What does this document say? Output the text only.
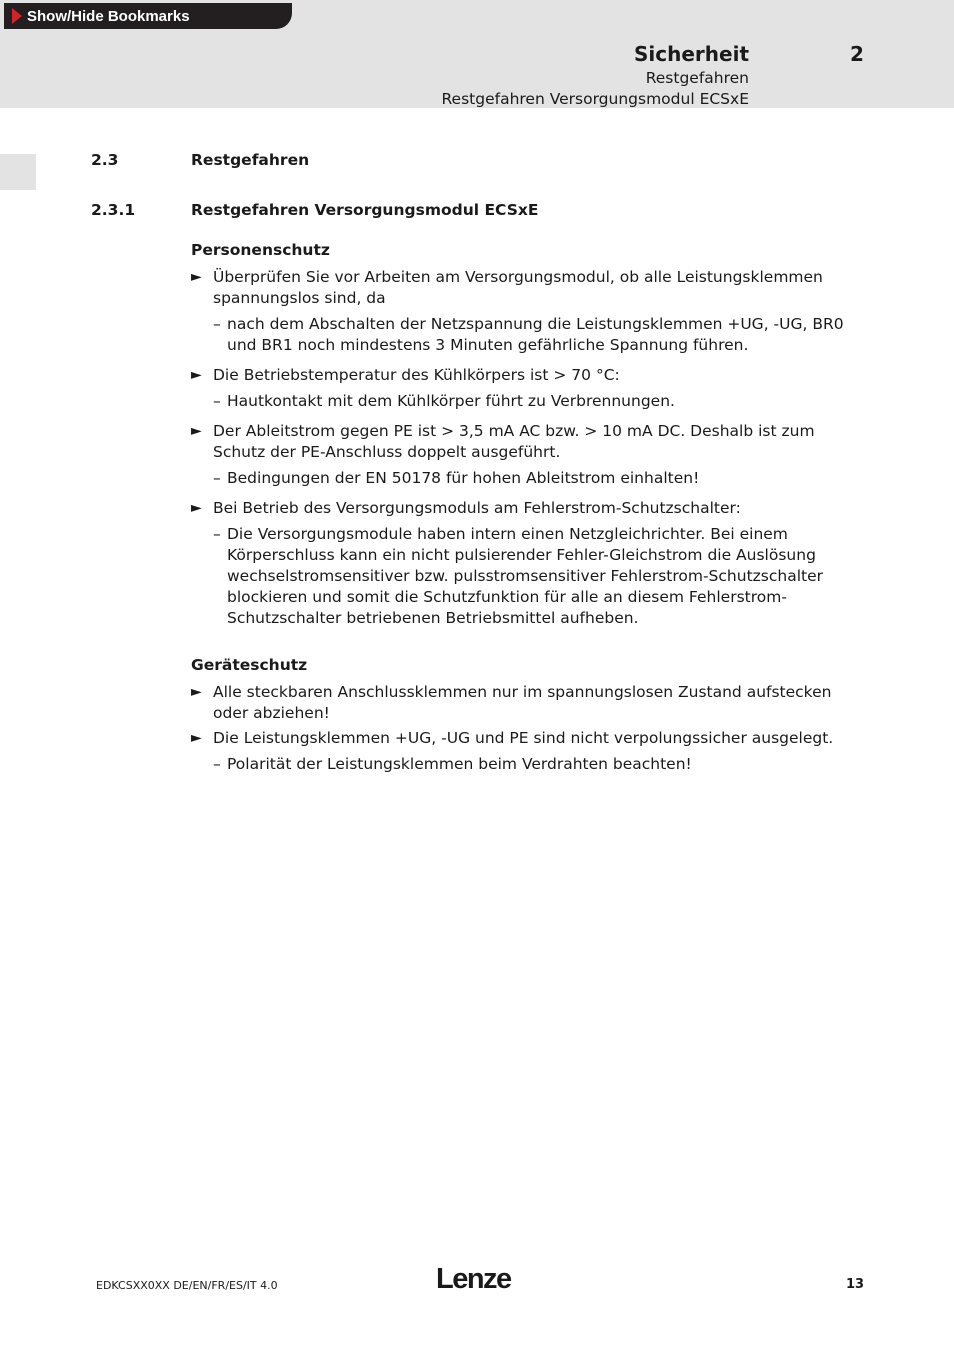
Show/Hide Bookmarks
Sicherheit	2
Restgefahren
Restgefahren Versorgungsmodul ECSxE
2.3	Restgefahren
2.3.1	Restgefahren Versorgungsmodul ECSxE
Personenschutz
► Überprüfen Sie vor Arbeiten am Versorgungsmodul, ob alle Leistungsklemmen spannungslos sind, da
– nach dem Abschalten der Netzspannung die Leistungsklemmen +UG, -UG, BR0 und BR1 noch mindestens 3 Minuten gefährliche Spannung führen.
► Die Betriebstemperatur des Kühlkörpers ist > 70 °C:
– Hautkontakt mit dem Kühlkörper führt zu Verbrennungen.
► Der Ableitstrom gegen PE ist > 3,5 mA AC bzw. > 10 mA DC. Deshalb ist zum Schutz der PE-Anschluss doppelt ausgeführt.
– Bedingungen der EN 50178 für hohen Ableitstrom einhalten!
► Bei Betrieb des Versorgungsmoduls am Fehlerstrom-Schutzschalter:
– Die Versorgungsmodule haben intern einen Netzgleichrichter. Bei einem Körperschluss kann ein nicht pulsierender Fehler-Gleichstrom die Auslösung wechselstromsensitiver bzw. pulsstromsensitiver Fehlerstrom-Schutzschalter blockieren und somit die Schutzfunktion für alle an diesem Fehlerstrom-Schutzschalter betriebenen Betriebsmittel aufheben.
Geräteschutz
► Alle steckbaren Anschlussklemmen nur im spannungslosen Zustand aufstecken oder abziehen!
► Die Leistungsklemmen +UG, -UG und PE sind nicht verpolungssicher ausgelegt.
– Polarität der Leistungsklemmen beim Verdrahten beachten!
EDKCSXX0XX DE/EN/FR/ES/IT 4.0	Lenze	13
